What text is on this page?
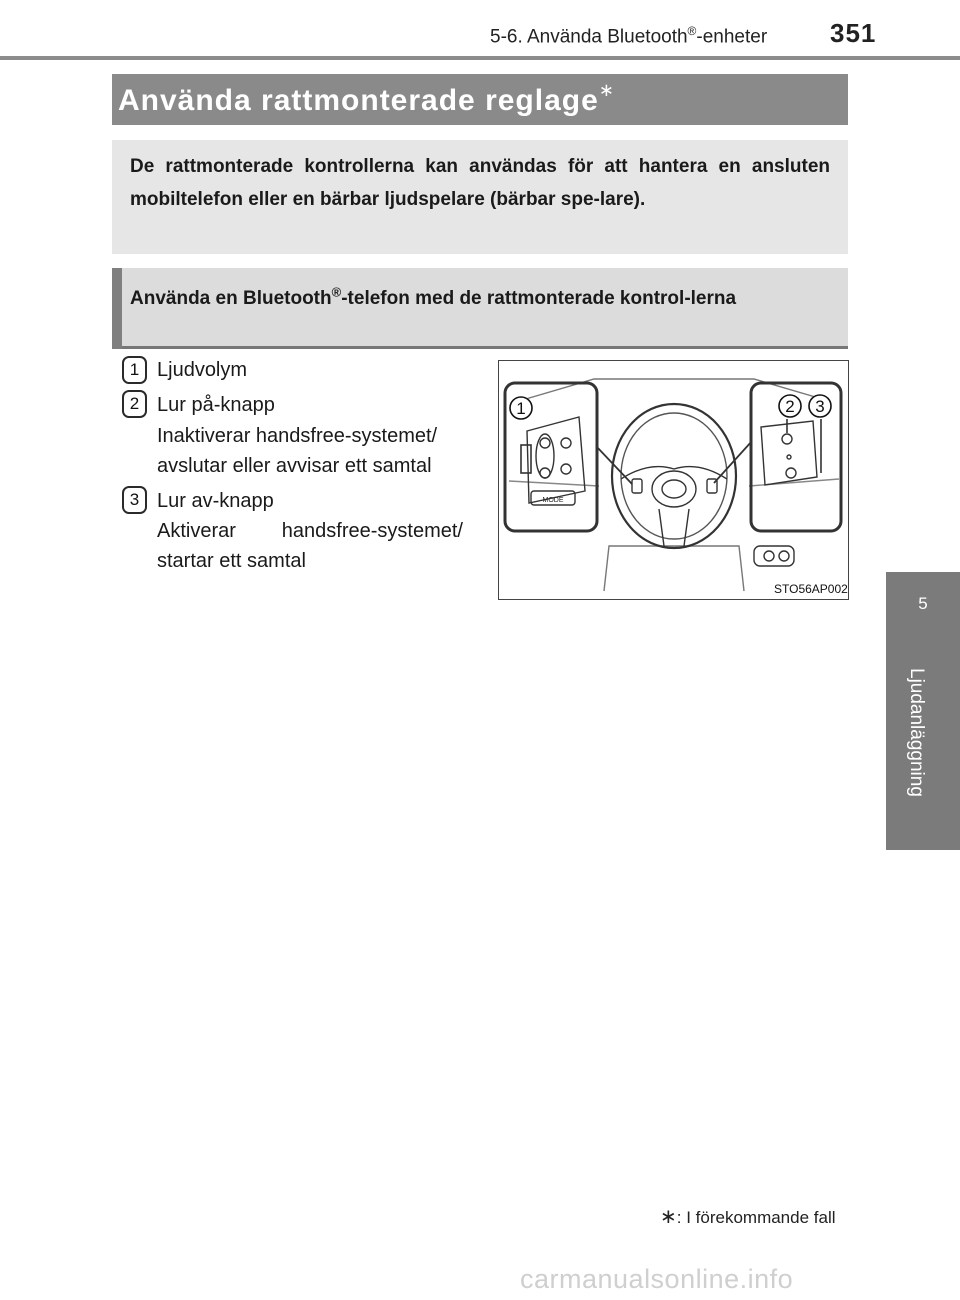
5-6. Använda Bluetooth®-enheter 351
5
Ljudanläggning
Använda rattmonterade reglage∗
De rattmonterade kontrollerna kan användas för att hantera en ansluten mobiltelefon eller en bärbar ljudspelare (bärbar spe-lare).
Använda en Bluetooth®-telefon med de rattmonterade kontrol-lerna
1 Ljudvolym
2 Lur på-knapp
Inaktiverar handsfree-systemet/
avslutar eller avvisar ett samtal
3 Lur av-knapp
Aktiverar handsfree-systemet/
startar ett samtal
1	2 3
MODE
STO56AP002
∗: I förekommande fall
carmanualsonline.info
